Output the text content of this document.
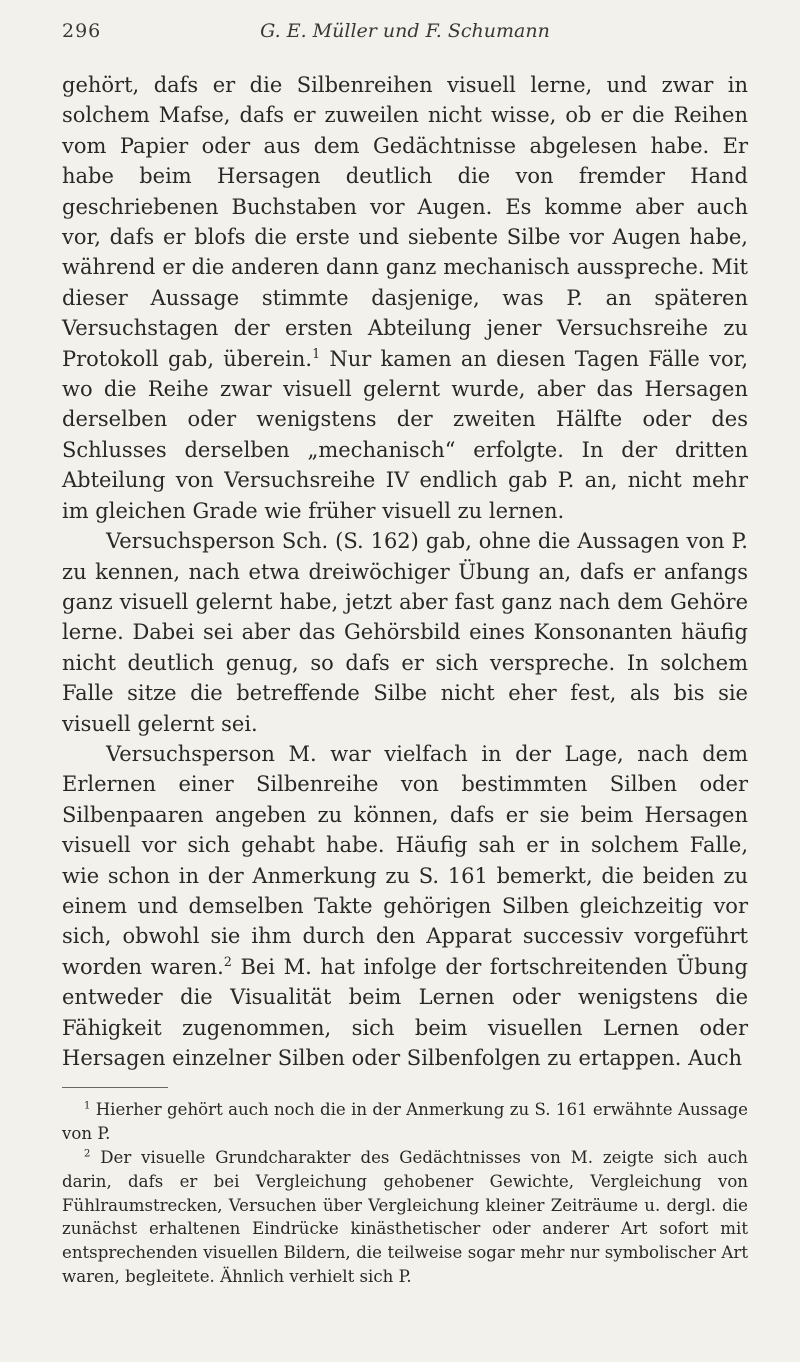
296	G. E. Müller und F. Schumann

gehört, dafs er die Silbenreihen visuell lerne, und zwar in solchem Mafse, dafs er zuweilen nicht wisse, ob er die Reihen vom Papier oder aus dem Gedächtnisse abgelesen habe. Er habe beim Hersagen deutlich die von fremder Hand geschriebenen Buchstaben vor Augen. Es komme aber auch vor, dafs er blofs die erste und siebente Silbe vor Augen habe, während er die anderen dann ganz mechanisch ausspreche. Mit dieser Aussage stimmte dasjenige, was P. an späteren Versuchstagen der ersten Abteilung jener Versuchsreihe zu Protokoll gab, überein.$^1$ Nur kamen an diesen Tagen Fälle vor, wo die Reihe zwar visuell gelernt wurde, aber das Hersagen derselben oder wenigstens der zweiten Hälfte oder des Schlusses derselben „mechanisch“ erfolgte. In der dritten Abteilung von Versuchsreihe IV endlich gab P. an, nicht mehr im gleichen Grade wie früher visuell zu lernen.

Versuchsperson Sch. (S. 162) gab, ohne die Aussagen von P. zu kennen, nach etwa dreiwöchiger Übung an, dafs er anfangs ganz visuell gelernt habe, jetzt aber fast ganz nach dem Gehöre lerne. Dabei sei aber das Gehörsbild eines Konsonanten häufig nicht deutlich genug, so dafs er sich verspreche. In solchem Falle sitze die betreffende Silbe nicht eher fest, als bis sie visuell gelernt sei.

Versuchsperson M. war vielfach in der Lage, nach dem Erlernen einer Silbenreihe von bestimmten Silben oder Silbenpaaren angeben zu können, dafs er sie beim Hersagen visuell vor sich gehabt habe. Häufig sah er in solchem Falle, wie schon in der Anmerkung zu S. 161 bemerkt, die beiden zu einem und demselben Takte gehörigen Silben gleichzeitig vor sich, obwohl sie ihm durch den Apparat successiv vorgeführt worden waren.$^2$ Bei M. hat infolge der fortschreitenden Übung entweder die Visualität beim Lernen oder wenigstens die Fähigkeit zugenommen, sich beim visuellen Lernen oder Hersagen einzelner Silben oder Silbenfolgen zu ertappen. Auch

$^1$ Hierher gehört auch noch die in der Anmerkung zu S. 161 erwähnte Aussage von P.

$^2$ Der visuelle Grundcharakter des Gedächtnisses von M. zeigte sich auch darin, dafs er bei Vergleichung gehobener Gewichte, Vergleichung von Fühlraumstrecken, Versuchen über Vergleichung kleiner Zeiträume u. dergl. die zunächst erhaltenen Eindrücke kinästhetischer oder anderer Art sofort mit entsprechenden visuellen Bildern, die teilweise sogar mehr nur symbolischer Art waren, begleitete. Ähnlich verhielt sich P.
